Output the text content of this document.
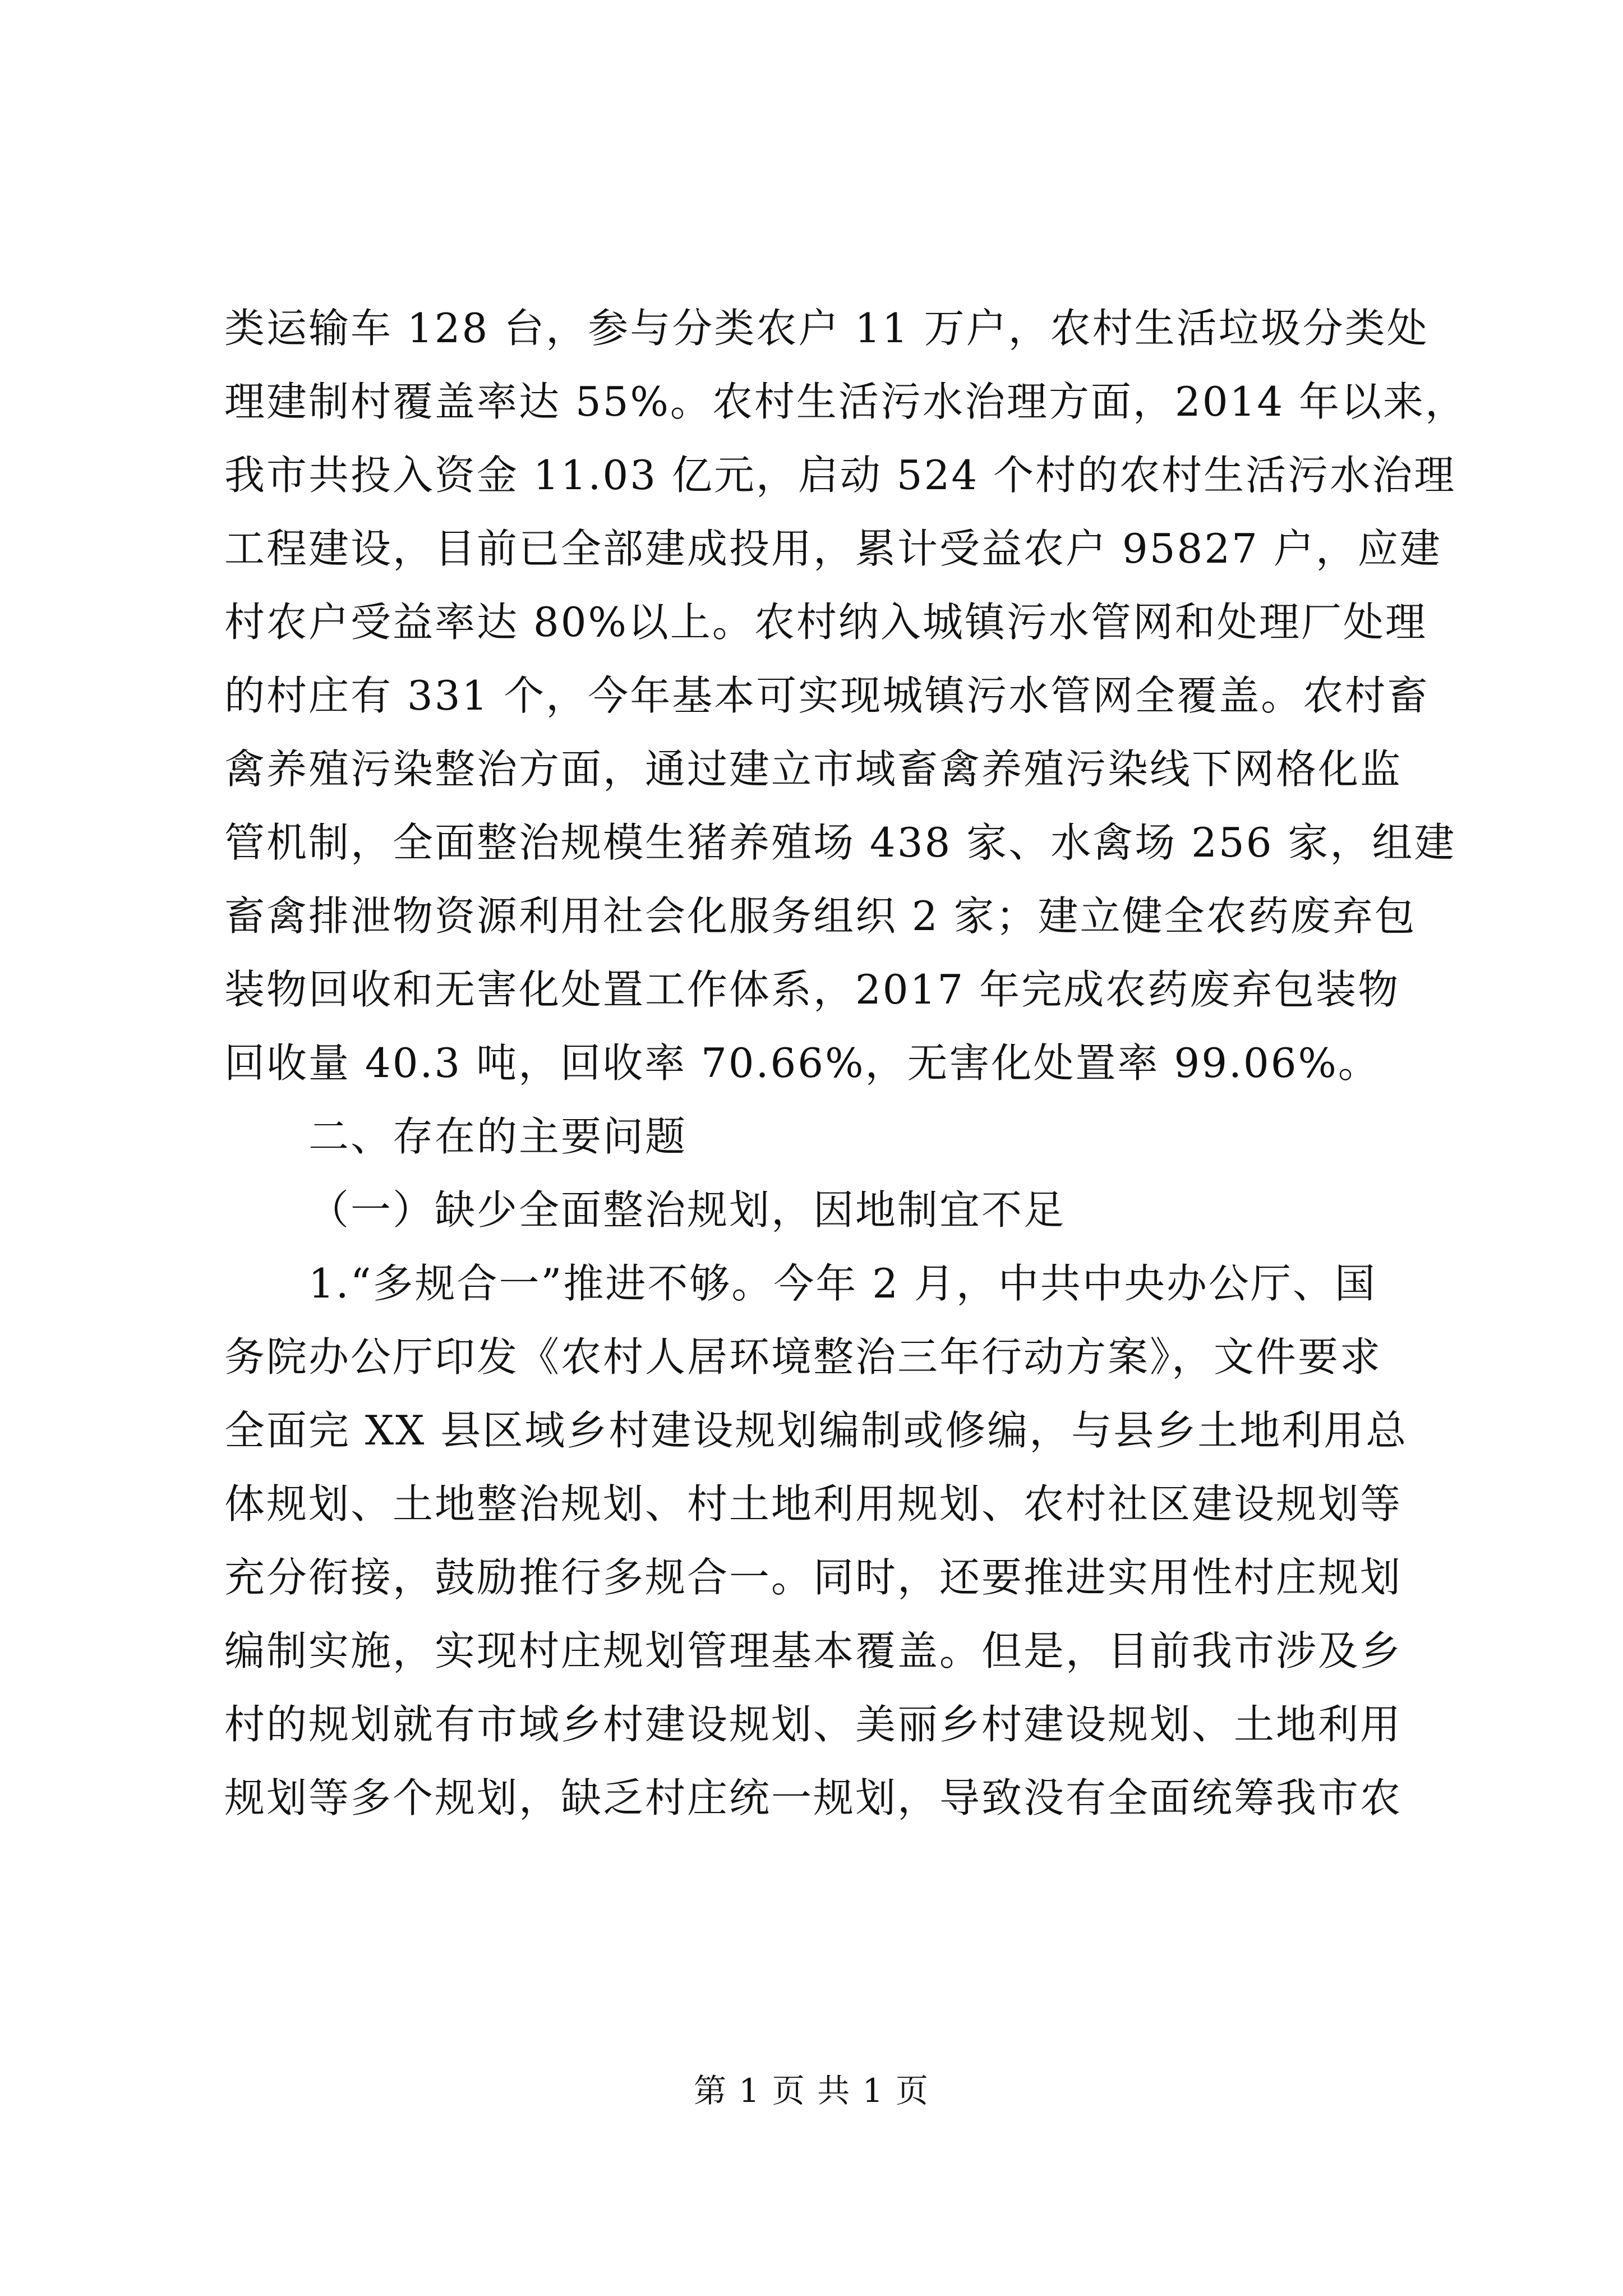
类运输车 128 台，参与分类农户 11 万户，农村生活垃圾分类处
理建制村覆盖率达 55%。农村生活污水治理方面，2014 年以来，
我市共投入资金 11.03 亿元，启动 524 个村的农村生活污水治理
工程建设，目前已全部建成投用，累计受益农户 95827 户，应建
村农户受益率达 80%以上。农村纳入城镇污水管网和处理厂处理
的村庄有 331 个，今年基本可实现城镇污水管网全覆盖。农村畜
禽养殖污染整治方面，通过建立市域畜禽养殖污染线下网格化监
管机制，全面整治规模生猪养殖场 438 家、水禽场 256 家，组建
畜禽排泄物资源利用社会化服务组织 2 家；建立健全农药废弃包
装物回收和无害化处置工作体系，2017 年完成农药废弃包装物
回收量 40.3 吨，回收率 70.66%，无害化处置率 99.06%。
二、存在的主要问题
（一）缺少全面整治规划，因地制宜不足
1.“多规合一”推进不够。今年 2 月，中共中央办公厅、国
务院办公厅印发《农村人居环境整治三年行动方案》，文件要求
全面完 XX 县区域乡村建设规划编制或修编，与县乡土地利用总
体规划、土地整治规划、村土地利用规划、农村社区建设规划等
充分衔接，鼓励推行多规合一。同时，还要推进实用性村庄规划
编制实施，实现村庄规划管理基本覆盖。但是，目前我市涉及乡
村的规划就有市域乡村建设规划、美丽乡村建设规划、土地利用
规划等多个规划，缺乏村庄统一规划，导致没有全面统筹我市农
第 1 页 共 1 页
